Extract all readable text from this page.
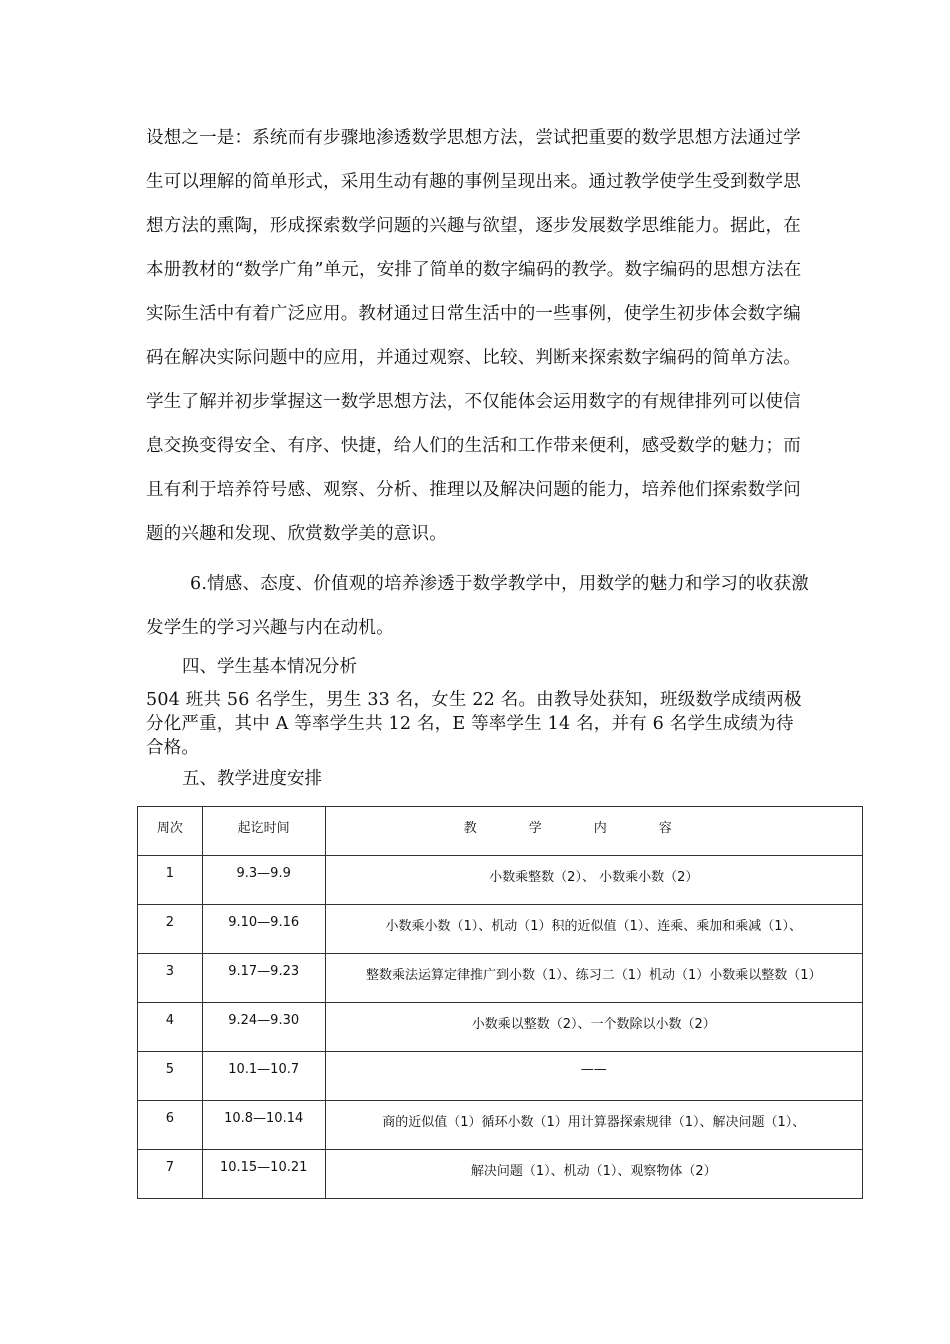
设想之一是：系统而有步骤地渗透数学思想方法，尝试把重要的数学思想方法通过学生可以理解的简单形式，采用生动有趣的事例呈现出来。通过教学使学生受到数学思想方法的熏陶，形成探索数学问题的兴趣与欲望，逐步发展数学思维能力。据此，在本册教材的“数学广角”单元，安排了简单的数字编码的教学。数字编码的思想方法在实际生活中有着广泛应用。教材通过日常生活中的一些事例，使学生初步体会数字编码在解决实际问题中的应用，并通过观察、比较、判断来探索数字编码的简单方法。学生了解并初步掌握这一数学思想方法，不仅能体会运用数字的有规律排列可以使信息交换变得安全、有序、快捷，给人们的生活和工作带来便利，感受数学的魅力；而且有利于培养符号感、观察、分析、推理以及解决问题的能力，培养他们探索数学问题的兴趣和发现、欣赏数学美的意识。

6.情感、态度、价值观的培养渗透于数学教学中，用数学的魅力和学习的收获激发学生的学习兴趣与内在动机。

四、学生基本情况分析

504 班共 56 名学生，男生 33 名，女生 22 名。由教导处获知，班级数学成绩两极分化严重，其中 A 等率学生共 12 名，E 等率学生 14 名，并有 6 名学生成绩为待合格。

五、教学进度安排
周次	起讫时间	教学内容
1	9.3—9.9	小数乘整数（2）、 小数乘小数（2）
2	9.10—9.16	小数乘小数（1）、机动（1）积的近似值（1）、连乘、乘加和乘减（1）、
3	9.17—9.23	整数乘法运算定律推广到小数（1）、练习二（1）机动（1）小数乘以整数（1）
4	9.24—9.30	小数乘以整数（2）、一个数除以小数（2）
5	10.1—10.7	——
6	10.8—10.14	商的近似值（1）循环小数（1）用计算器探索规律（1）、解决问题（1）、
7	10.15—10.21	解决问题（1）、机动（1）、观察物体（2）
